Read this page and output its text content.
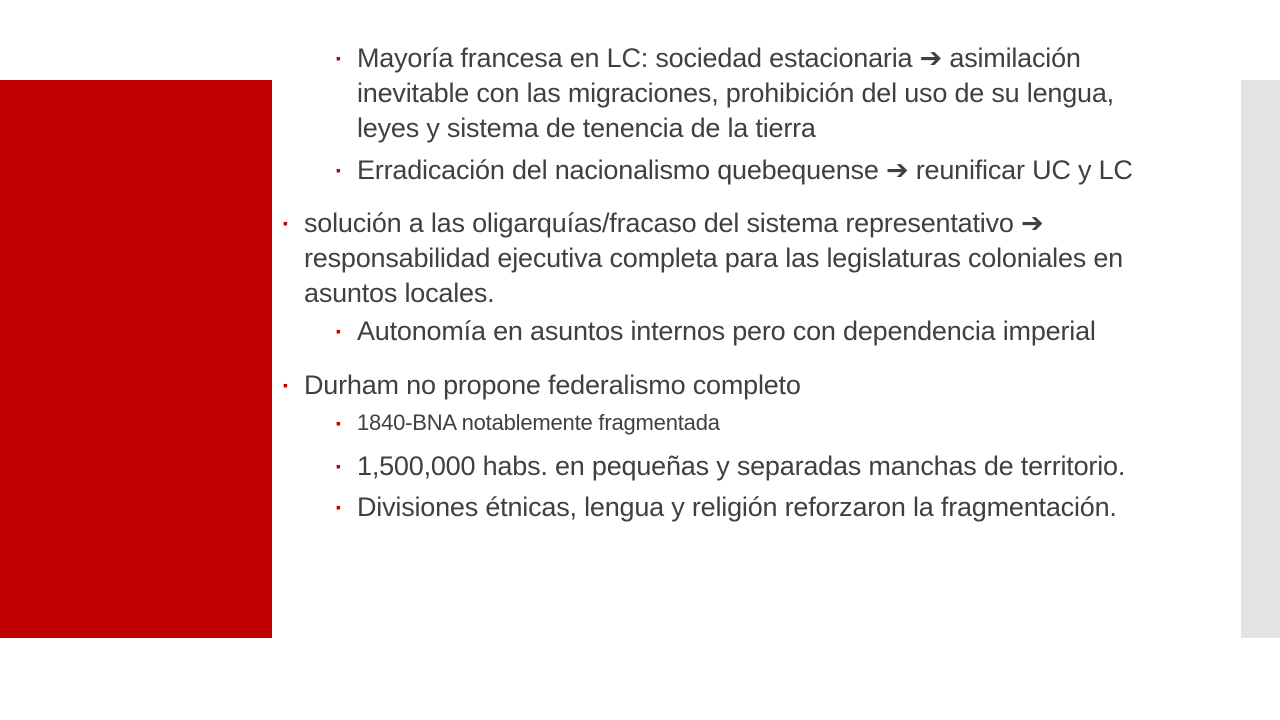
▪ Mayoría francesa en LC: sociedad estacionaria ➔ asimilación
inevitable con las migraciones, prohibición del uso de su lengua,
leyes y sistema de tenencia de la tierra
▪ Erradicación del nacionalismo quebequense ➔ reunificar UC y LC
▪ solución a las oligarquías/fracaso del sistema representativo ➔
responsabilidad ejecutiva completa para las legislaturas coloniales en
asuntos locales.
▪ Autonomía en asuntos internos pero con dependencia imperial
▪ Durham no propone federalismo completo
▪ 1840-BNA notablemente fragmentada
▪ 1,500,000 habs. en pequeñas y separadas manchas de territorio.
▪ Divisiones étnicas, lengua y religión reforzaron la fragmentación.
